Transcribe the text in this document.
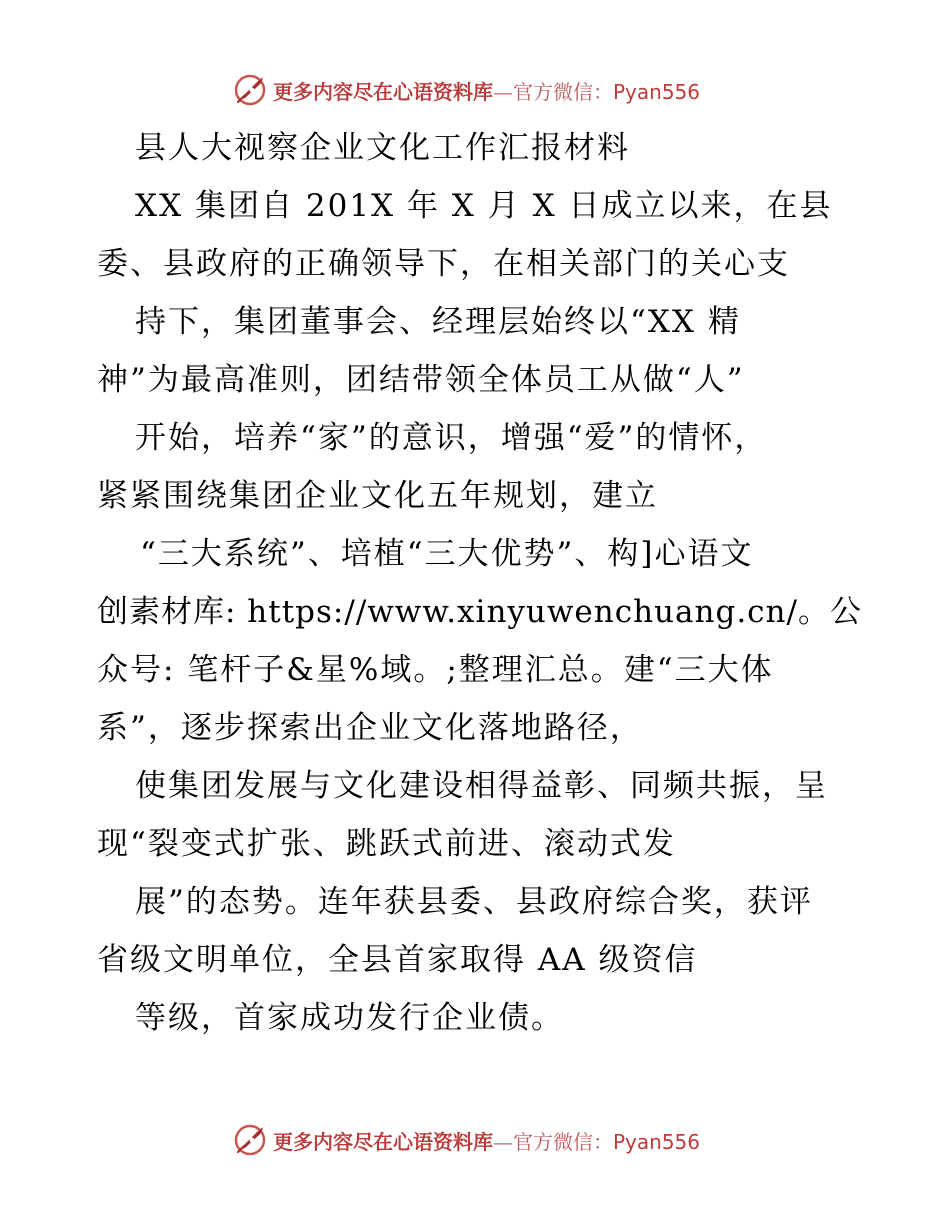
更多内容尽在心语资料库—官方微信：Pyan556
县人大视察企业文化工作汇报材料
XX 集团自 201X 年 X 月 X 日成立以来，在县
委、县政府的正确领导下，在相关部门的关心支
持下，集团董事会、经理层始终以“XX 精
神”为最高准则，团结带领全体员工从做“人”
开始，培养“家”的意识，增强“爱”的情怀，
紧紧围绕集团企业文化五年规划，建立
“三大系统”、培植“三大优势”、构]心语文
创素材库: https://www.xinyuwenchuang.cn/。公
众号: 笔杆子&星%域。;整理汇总。建“三大体
系”，逐步探索出企业文化落地路径，
使集团发展与文化建设相得益彰、同频共振，呈
现“裂变式扩张、跳跃式前进、滚动式发
展”的态势。连年获县委、县政府综合奖，获评
省级文明单位，全县首家取得 AA 级资信
等级，首家成功发行企业债。
更多内容尽在心语资料库—官方微信：Pyan556
